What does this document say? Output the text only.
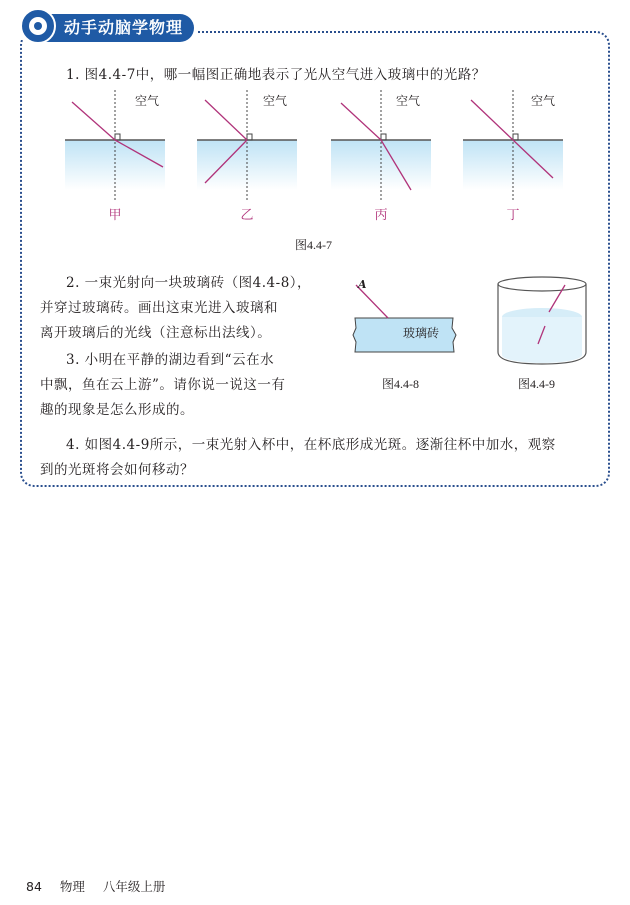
动手动脑学物理
1. 图4.4-7中，哪一幅图正确地表示了光从空气进入玻璃中的光路？
空气
甲
空气
乙
空气
丙
空气
丁
图4.4-7
2. 一束光射向一块玻璃砖（图4.4-8），
并穿过玻璃砖。画出这束光进入玻璃和
离开玻璃后的光线（注意标出法线）。
3. 小明在平静的湖边看到“云在水
中飘，鱼在云上游”。请你说一说这一有
趣的现象是怎么形成的。
A
玻璃砖
图4.4-8	图4.4-9
4. 如图4.4-9所示，一束光射入杯中，在杯底形成光斑。逐渐往杯中加水，观察
到的光斑将会如何移动？
84 物理 八年级上册
